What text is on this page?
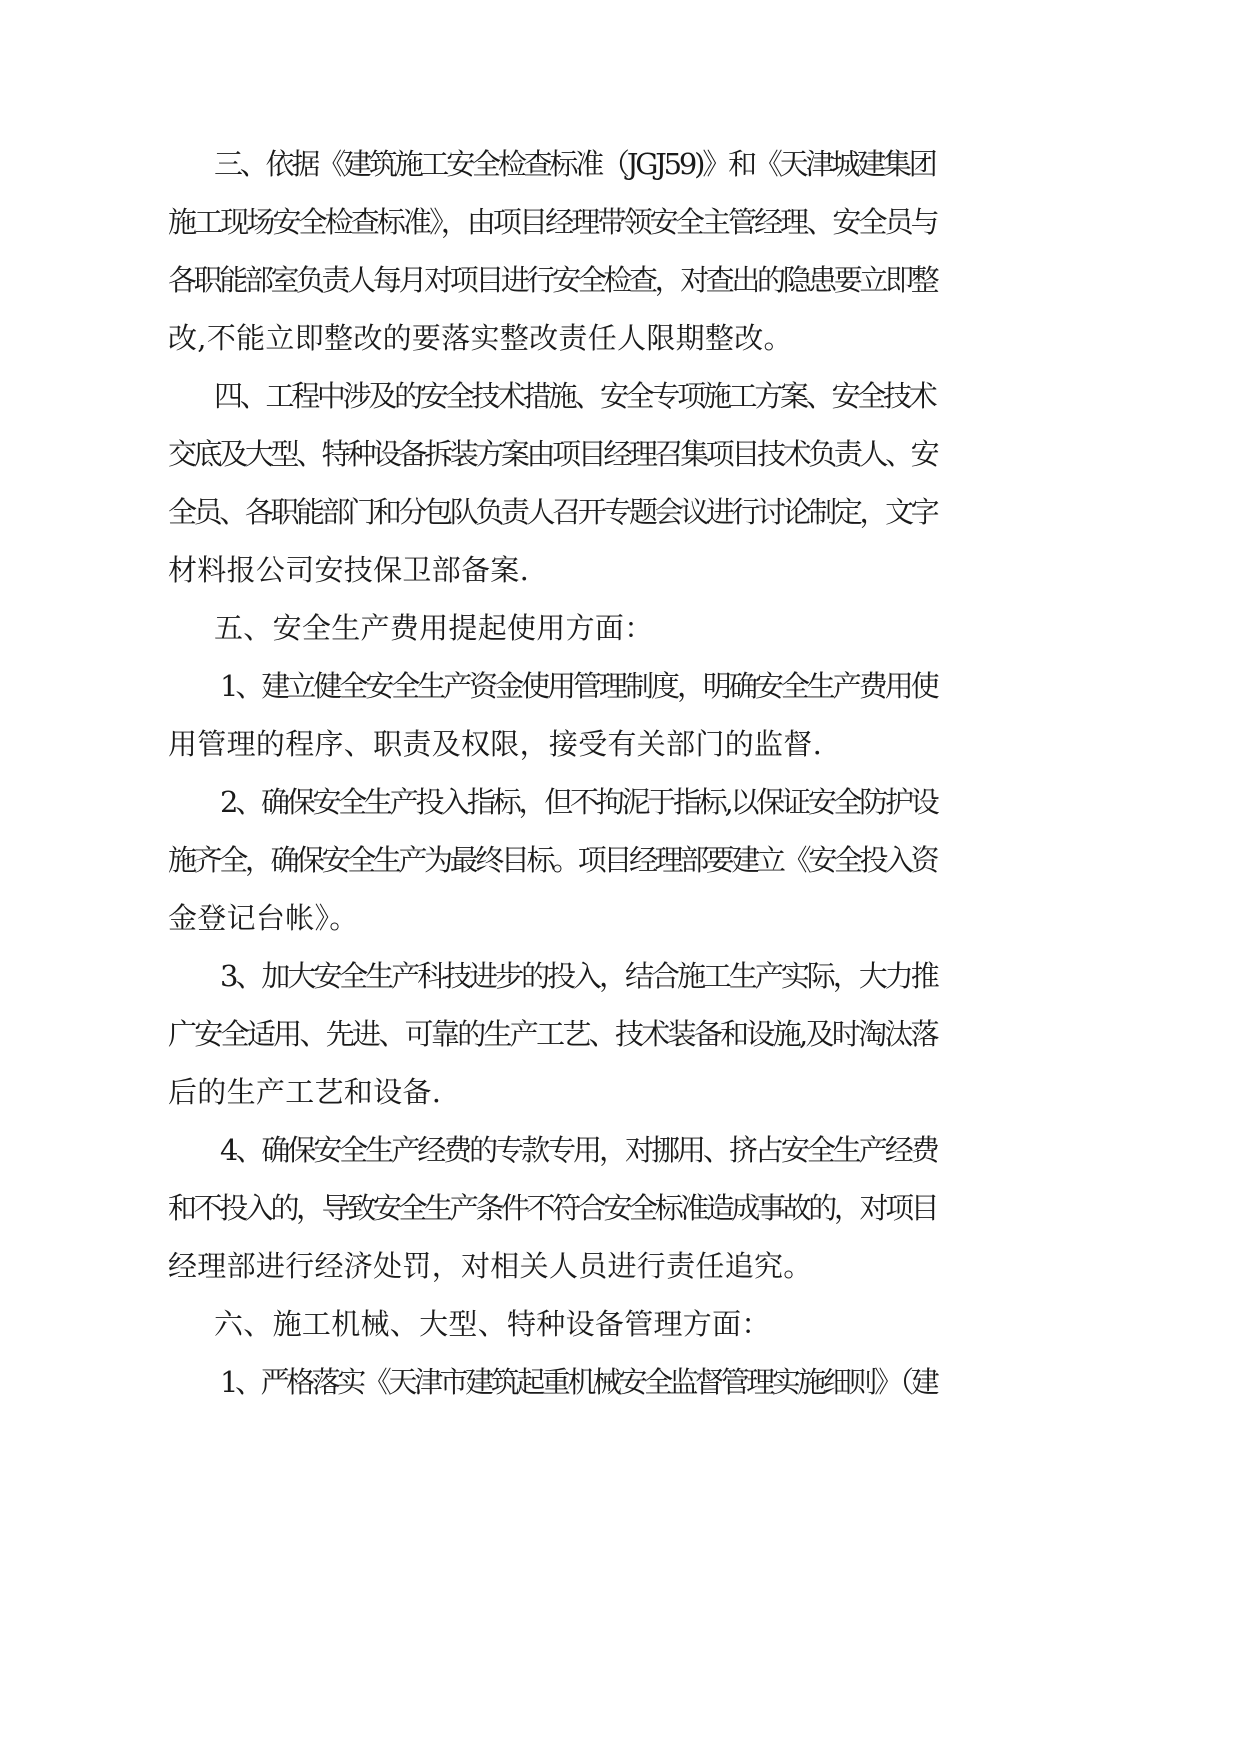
三、依据《建筑施工安全检查标准（JGJ59)》和《天津城建集团
施工现场安全检查标准》，由项目经理带领安全主管经理、安全员与
各职能部室负责人每月对项目进行安全检查，对查出的隐患要立即整
改,不能立即整改的要落实整改责任人限期整改。
四、工程中涉及的安全技术措施、安全专项施工方案、安全技术
交底及大型、特种设备拆装方案由项目经理召集项目技术负责人、安
全员、各职能部门和分包队负责人召开专题会议进行讨论制定，文字
材料报公司安技保卫部备案.
五、安全生产费用提起使用方面：
1、建立健全安全生产资金使用管理制度，明确安全生产费用使
用管理的程序、职责及权限，接受有关部门的监督.
2、确保安全生产投入指标，但不拘泥于指标,以保证安全防护设
施齐全，确保安全生产为最终目标。项目经理部要建立《安全投入资
金登记台帐》。
3、加大安全生产科技进步的投入，结合施工生产实际，大力推
广安全适用、先进、可靠的生产工艺、技术装备和设施,及时淘汰落
后的生产工艺和设备.
4、确保安全生产经费的专款专用，对挪用、挤占安全生产经费
和不投入的，导致安全生产条件不符合安全标准造成事故的，对项目
经理部进行经济处罚，对相关人员进行责任追究。
六、施工机械、大型、特种设备管理方面：
1、严格落实《天津市建筑起重机械安全监督管理实施细则》（建
